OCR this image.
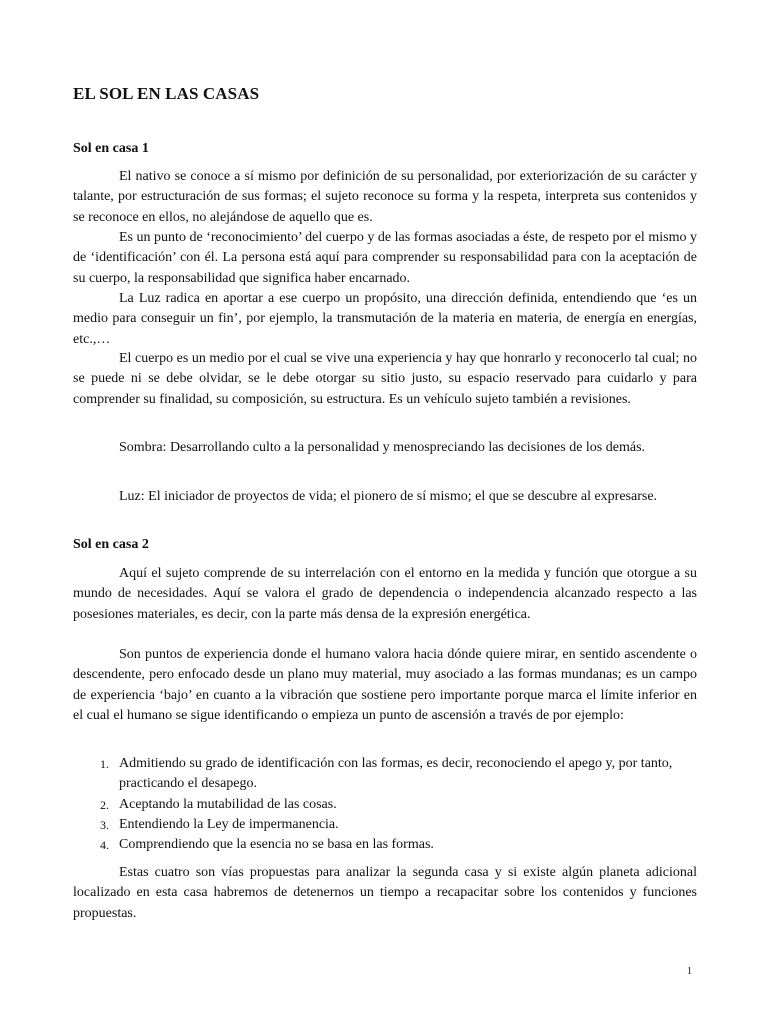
EL SOL EN LAS CASAS
Sol en casa 1

El nativo se conoce a sí mismo por definición de su personalidad, por exteriorización de su carácter y talante, por estructuración de sus formas; el sujeto reconoce su forma y la respeta, interpreta sus contenidos y se reconoce en ellos, no alejándose de aquello que es.

Es un punto de ‘reconocimiento’ del cuerpo y de las formas asociadas a éste, de respeto por el mismo y de ‘identificación’ con él. La persona está aquí para comprender su responsabilidad para con la aceptación de su cuerpo, la responsabilidad que significa haber encarnado.

La Luz radica en aportar a ese cuerpo un propósito, una dirección definida, entendiendo que ‘es un medio para conseguir un fin’, por ejemplo, la transmutación de la materia en materia, de energía en energías, etc.,…

El cuerpo es un medio por el cual se vive una experiencia y hay que honrarlo y reconocerlo tal cual; no se puede ni se debe olvidar, se le debe otorgar su sitio justo, su espacio reservado para cuidarlo y para comprender su finalidad, su composición, su estructura. Es un vehículo sujeto también a revisiones.

Sombra: Desarrollando culto a la personalidad y menospreciando las decisiones de los demás.

Luz: El iniciador de proyectos de vida; el pionero de sí mismo; el que se descubre al expresarse.

Sol en casa 2

Aquí el sujeto comprende de su interrelación con el entorno en la medida y función que otorgue a su mundo de necesidades. Aquí se valora el grado de dependencia o independencia alcanzado respecto a las posesiones materiales, es decir, con la parte más densa de la expresión energética.

Son puntos de experiencia donde el humano valora hacia dónde quiere mirar, en sentido ascendente o descendente, pero enfocado desde un plano muy material, muy asociado a las formas mundanas; es un campo de experiencia ‘bajo’ en cuanto a la vibración que sostiene pero importante porque marca el límite inferior en el cual el humano se sigue identificando o empieza un punto de ascensión a través de por ejemplo:

1. Admitiendo su grado de identificación con las formas, es decir, reconociendo el apego y, por tanto, practicando el desapego.
2. Aceptando la mutabilidad de las cosas.
3. Entendiendo la Ley de impermanencia.
4. Comprendiendo que la esencia no se basa en las formas.

Estas cuatro son vías propuestas para analizar la segunda casa y si existe algún planeta adicional localizado en esta casa habremos de detenernos un tiempo a recapacitar sobre los contenidos y funciones propuestas.

1
